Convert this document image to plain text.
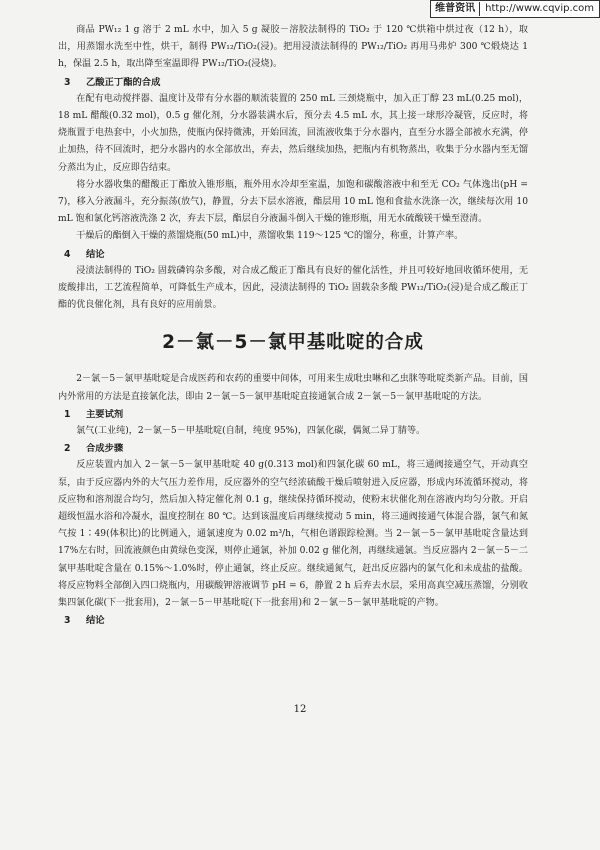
维普资讯	http://www.cqvip.com

商品 PW₁₂ 1 g 溶于 2 mL 水中，加入 5 g 凝胶－溶胶法制得的 TiO₂ 于 120 ℃烘箱中烘过夜（12 h），取出，用蒸馏水洗至中性，烘干，制得 PW₁₂/TiO₂(浸)。把用浸渍法制得的 PW₁₂/TiO₂ 再用马弗炉 300 ℃煅烧达 1 h，保温 2.5 h，取出降至室温即得 PW₁₂/TiO₂(浸烧)。

3 乙酸正丁酯的合成

在配有电动搅拌器、温度计及带有分水器的顺流装置的 250 mL 三颈烧瓶中，加入正丁醇 23 mL(0.25 mol)，18 mL 醋酸(0.32 mol)，0.5 g 催化剂，分水器装满水后，预分去 4.5 mL 水，其上接一球形冷凝管，反应时，将烧瓶置于电热套中，小火加热，使瓶内保持微沸，开始回流，回流液收集于分水器内，直至分水器全部被水充满，停止加热，待不回流时，把分水器内的水全部放出，弃去，然后继续加热，把瓶内有机物蒸出，收集于分水器内至无馏分蒸出为止，反应即告结束。

将分水器收集的醋酸正丁酯放入锥形瓶，瓶外用水冷却至室温，加饱和碳酸溶液中和至无 CO₂ 气体逸出(pH = 7)，移入分液漏斗，充分振荡(放气)，静置，分去下层水溶液，酯层用 10 mL 饱和食盐水洗涤一次，继续每次用 10 mL 饱和氯化钙溶液洗涤 2 次，弃去下层，酯层自分液漏斗倒入干燥的锥形瓶，用无水硫酸镁干燥至澄清。

干燥后的酯倒入干燥的蒸馏烧瓶(50 mL)中，蒸馏收集 119～125 ℃的馏分，称重，计算产率。

4 结论

浸渍法制得的 TiO₂ 固载磷钨杂多酸，对合成乙酸正丁酯具有良好的催化活性，并且可较好地回收循环使用，无废酸排出，工艺流程简单，可降低生产成本，因此，浸渍法制得的 TiO₂ 固载杂多酸 PW₁₂/TiO₂(浸)是合成乙酸正丁酯的优良催化剂，具有良好的应用前景。

2－氯－5－氯甲基吡啶的合成

2－氯－5－氯甲基吡啶是合成医药和农药的重要中间体，可用来生成吡虫啉和乙虫脒等吡啶类新产品。目前，国内外常用的方法是直接氯化法，即由 2－氯－5－氯甲基吡啶直接通氯合成 2－氯－5－氯甲基吡啶的方法。

1 主要试剂

氯气(工业纯)，2－氯－5－甲基吡啶(自制，纯度 95%)，四氯化碳，偶氮二异丁腈等。

2 合成步骤

反应装置内加入 2－氯－5－氯甲基吡啶 40 g(0.313 mol)和四氯化碳 60 mL，将三通阀接通空气，开动真空泵，由于反应器内外的大气压力差作用，反应器外的空气经浓硫酸干燥后喷射进入反应器，形成内环流循环搅动，将反应物和溶剂混合均匀，然后加入特定催化剂 0.1 g，继续保持循环搅动，使粉末状催化剂在溶液内均匀分散。开启超级恒温水浴和冷凝水，温度控制在 80 ℃。达到该温度后再继续搅动 5 min，将三通阀接通气体混合器，氯气和氮气按 1∶49(体积比)的比例通入，通氯速度为 0.02 m³/h，气相色谱跟踪检测。当 2－氯－5－氯甲基吡啶含量达到 17%左右时，回流液颜色由黄绿色变深，则停止通氯，补加 0.02 g 催化剂，再继续通氯。当反应器内 2－氯－5－二氯甲基吡啶含量在 0.15%～1.0%时，停止通氯，终止反应。继续通氮气，赶出反应器内的氯气化和未成盐的盐酸。将反应物料全部倒入四口烧瓶内，用碳酸钾溶液调节 pH = 6，静置 2 h 后弃去水层，采用高真空减压蒸馏，分别收集四氯化碳(下一批套用)，2－氯－5－甲基吡啶(下一批套用)和 2－氯－5－氯甲基吡啶的产物。

3 结论
12
